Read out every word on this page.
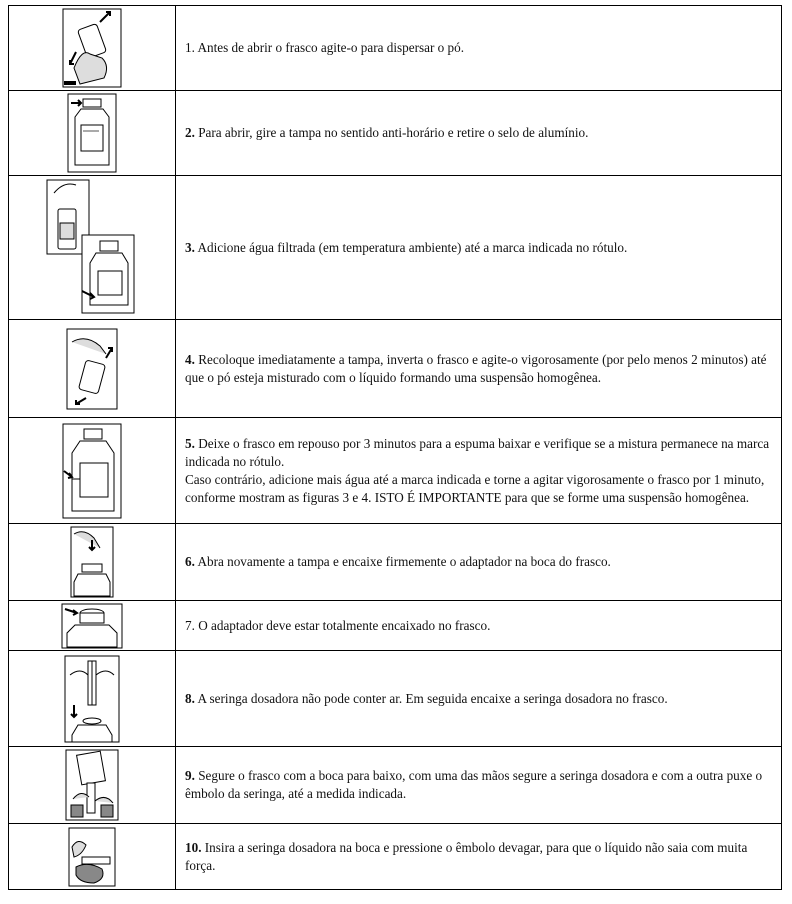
	1. Antes de abrir o frasco agite-o para dispersar o pó.

	2. Para abrir, gire a tampa no sentido anti-horário e retire o selo de alumínio.

	3. Adicione água filtrada (em temperatura ambiente) até a marca indicada no rótulo.

	4. Recoloque imediatamente a tampa, inverta o frasco e agite-o vigorosamente (por pelo menos 2 minutos) até que o pó esteja misturado com o líquido formando uma suspensão homogênea.

	5. Deixe o frasco em repouso por 3 minutos para a espuma baixar e verifique se a mistura permanece na marca indicada no rótulo.
Caso contrário, adicione mais água até a marca indicada e torne a agitar vigorosamente o frasco por 1 minuto, conforme mostram as figuras 3 e 4. ISTO É IMPORTANTE para que se forme uma suspensão homogênea.

	6. Abra novamente a tampa e encaixe firmemente o adaptador na boca do frasco.

	7. O adaptador deve estar totalmente encaixado no frasco.

	8. A seringa dosadora não pode conter ar. Em seguida encaixe a seringa dosadora no frasco.

	9. Segure o frasco com a boca para baixo, com uma das mãos segure a seringa dosadora e com a outra puxe o êmbolo da seringa, até a medida indicada.

	10. Insira a seringa dosadora na boca e pressione o êmbolo devagar, para que o líquido não saia com muita força.
